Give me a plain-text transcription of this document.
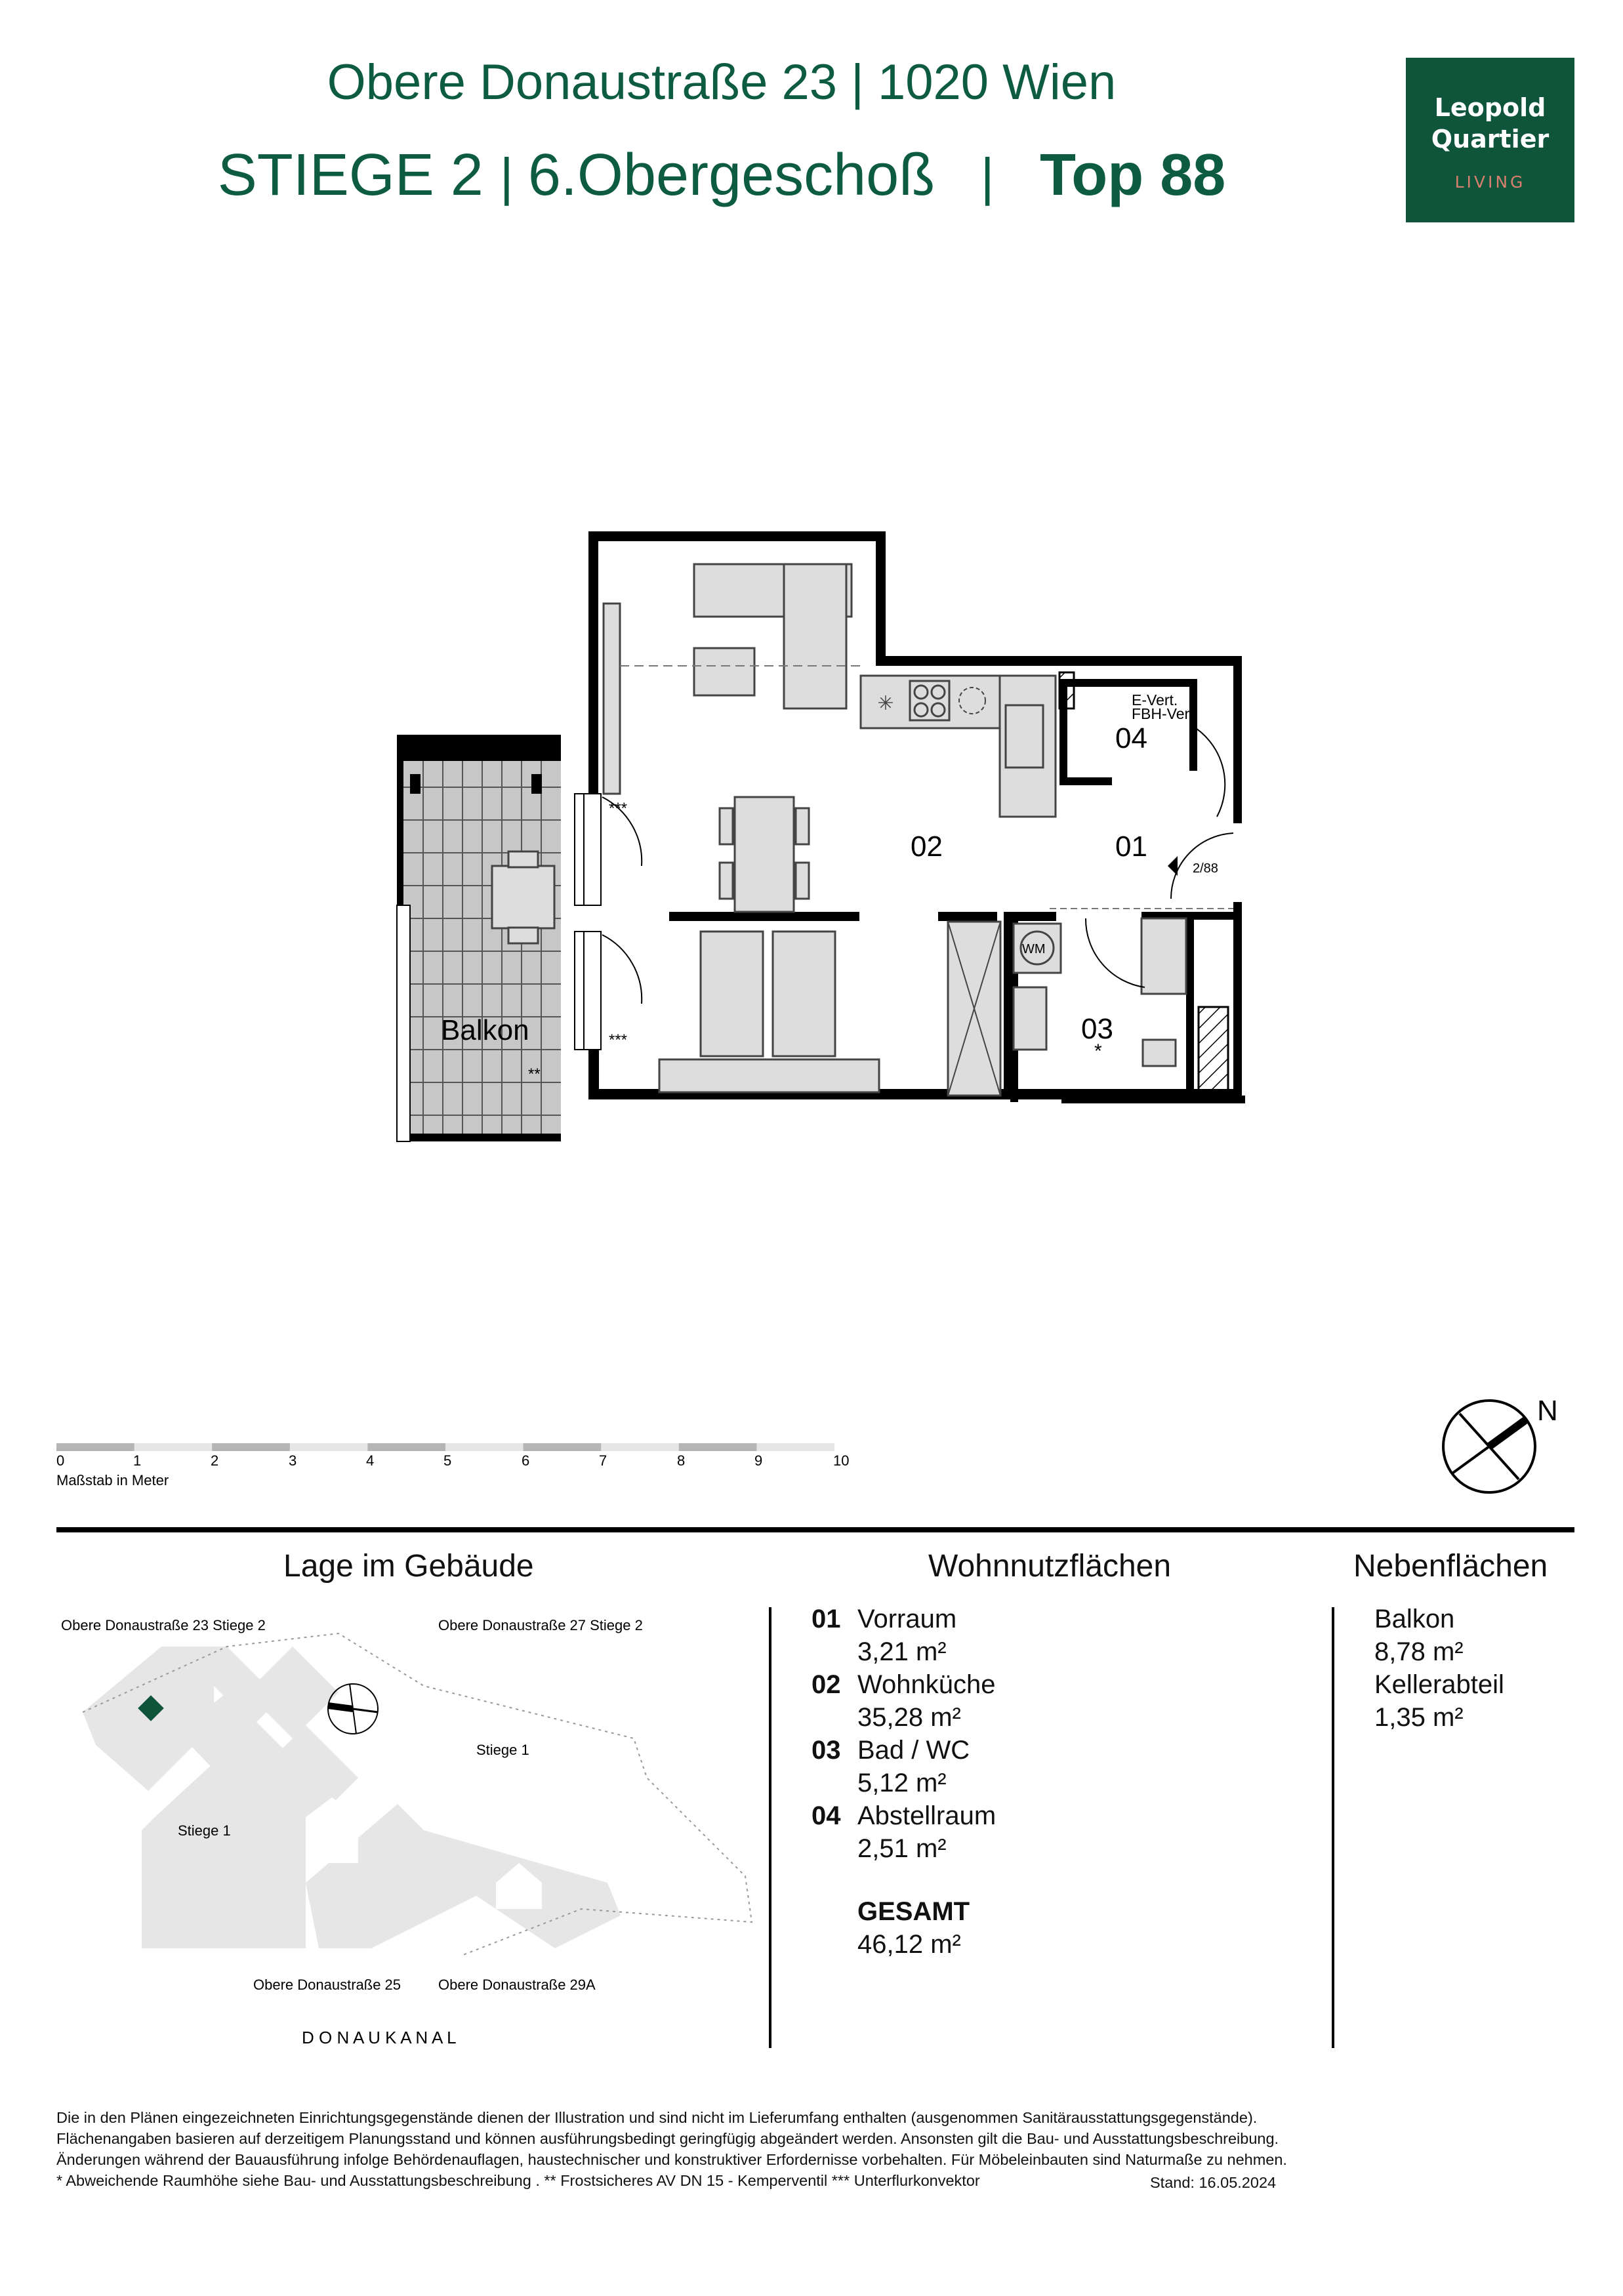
Obere Donaustraße 23 | 1020 Wien
STIEGE 2 | 6.Obergeschoß   |   Top 88
Leopold
Quartier
LIVING
✳	E-Vert.
FBH-Vert.
04
02	01
03
Balkon
WM
2/88
***
***
**
*
0	1	2	3	4	5	6	7	8	9	10
Maßstab in Meter
N
Lage im Gebäude	Wohnnutzflächen	Nebenflächen
Obere Donaustraße 23 Stiege 2	Obere Donaustraße 27 Stiege 2
Stiege 1
Stiege 1
Obere Donaustraße 25	Obere Donaustraße 29A
D O N A U K A N A L
01 Vorraum
3,21 m²
02 Wohnküche
35,28 m²
03 Bad / WC
5,12 m²
04 Abstellraum
2,51 m²
GESAMT
46,12 m²
Balkon
8,78 m²
Kellerabteil
1,35 m²

Die in den Plänen eingezeichneten Einrichtungsgegenstände dienen der Illustration und sind nicht im Lieferumfang enthalten (ausgenommen Sanitärausstattungsgegenstände).

Flächenangaben basieren auf derzeitigem Planungsstand und können ausführungsbedingt geringfügig abgeändert werden. Ansonsten gilt die Bau- und Ausstattungsbeschreibung.

Änderungen während der Bauausführung infolge Behördenauflagen, haustechnischer und konstruktiver Erfordernisse vorbehalten. Für Möbeleinbauten sind Naturmaße zu nehmen.

* Abweichende Raumhöhe siehe Bau- und Ausstattungsbeschreibung . ** Frostsicheres AV DN 15 - Kemperventil *** Unterflurkonvektor	Stand: 16.05.2024
